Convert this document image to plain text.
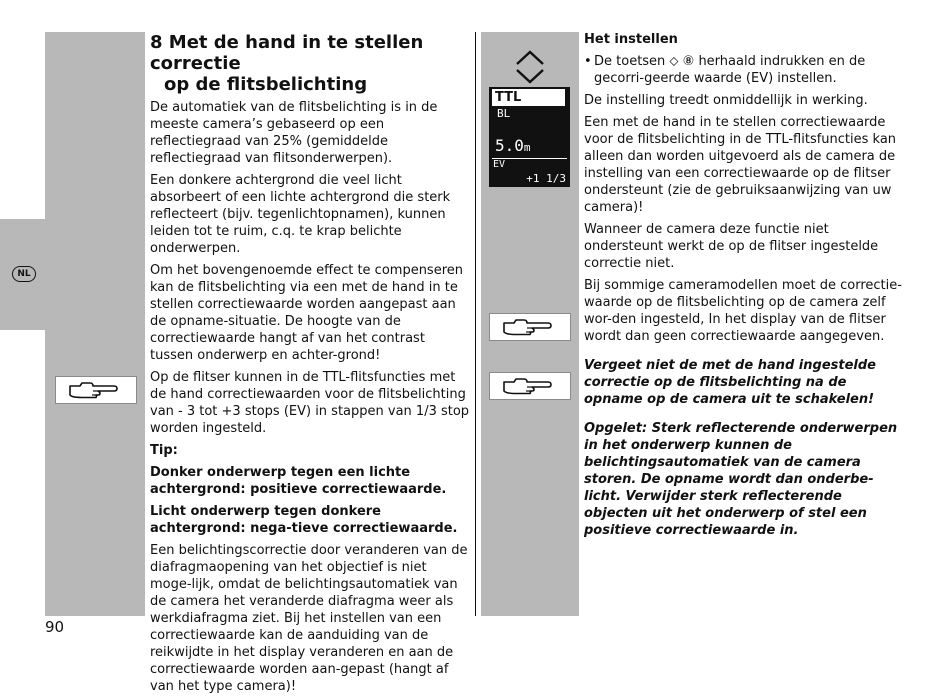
NL
TTL
BL
5.0m
EV
+1 1/3
8 Met de hand in te stellen correctie
op de flitsbelichting

De automatiek van de flitsbelichting is in de meeste camera’s gebaseerd op een reflectiegraad van 25% (gemiddelde reflectiegraad van flitsonderwerpen).

Een donkere achtergrond die veel licht absorbeert of een lichte achtergrond die sterk reflecteert (bijv. tegenlichtopnamen), kunnen leiden tot te ruim, c.q. te krap belichte onderwerpen.

Om het bovengenoemde effect te compenseren kan de flitsbelichting via een met de hand in te stellen correctiewaarde worden aangepast aan de opname-situatie. De hoogte van de correctiewaarde hangt af van het contrast tussen onderwerp en achter-grond!

Op de flitser kunnen in de TTL-flitsfuncties met de hand correctiewaarden voor de flitsbelichting van - 3 tot +3 stops (EV) in stappen van 1/3 stop worden ingesteld.

Tip:

Donker onderwerp tegen een lichte achtergrond: positieve correctiewaarde.

Licht onderwerp tegen donkere achtergrond: nega-tieve correctiewaarde.

Een belichtingscorrectie door veranderen van de diafragmaopening van het objectief is niet moge-lijk, omdat de belichtingsautomatiek van de camera het veranderde diafragma weer als werkdiafragma ziet. Bij het instellen van een correctiewaarde kan de aanduiding van de reikwijdte in het display veranderen en aan de correctiewaarde worden aan-gepast (hangt af van het type camera)!

Het instellen

• De toetsen ⬦ ⑧ herhaald indrukken en de gecorri-geerde waarde (EV) instellen.

De instelling treedt onmiddellijk in werking.

Een met de hand in te stellen correctiewaarde voor de flitsbelichting in de TTL-flitsfuncties kan alleen dan worden uitgevoerd als de camera de instelling van een correctiewaarde op de flitser ondersteunt (zie de gebruiksaanwijzing van uw camera)!

Wanneer de camera deze functie niet ondersteunt werkt de op de flitser ingestelde correctie niet.

Bij sommige cameramodellen moet de correctie-waarde op de flitsbelichting op de camera zelf wor-den ingesteld, In het display van de flitser wordt dan geen correctiewaarde aangegeven.

Vergeet niet de met de hand ingestelde correctie op de flitsbelichting na de opname op de camera uit te schakelen!

Opgelet: Sterk reflecterende onderwerpen in het onderwerp kunnen de belichtingsautomatiek van de camera storen. De opname wordt dan onderbe-licht. Verwijder sterk reflecterende objecten uit het onderwerp of stel een positieve correctiewaarde in.

90
